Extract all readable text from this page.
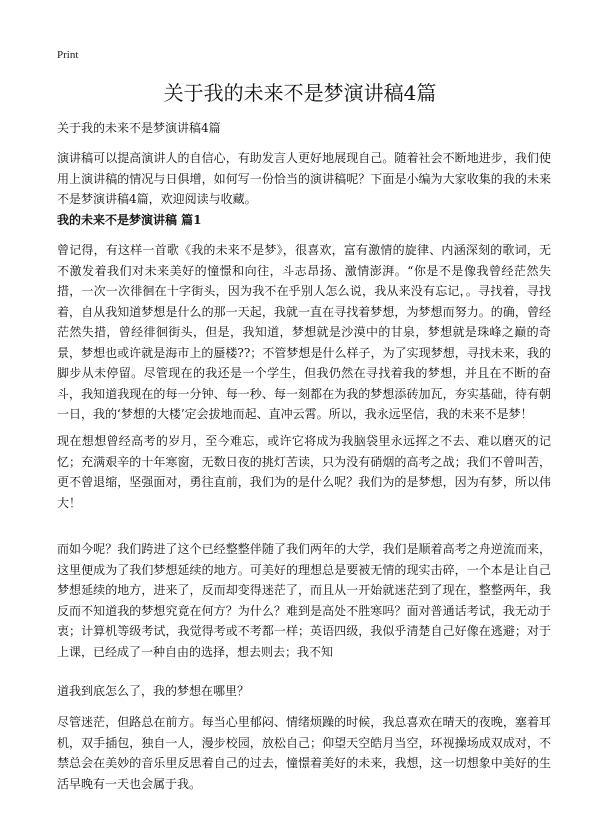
Print
关于我的未来不是梦演讲稿4篇
关于我的未来不是梦演讲稿4篇

演讲稿可以提高演讲人的自信心，有助发言人更好地展现自己。随着社会不断地进步，我们使用上演讲稿的情况与日俱增，如何写一份恰当的演讲稿呢？下面是小编为大家收集的我的未来不是梦演讲稿4篇，欢迎阅读与收藏。

我的未来不是梦演讲稿 篇1

曾记得，有这样一首歌《我的未来不是梦》，很喜欢，富有激情的旋律、内涵深刻的歌词，无不激发着我们对未来美好的憧憬和向往，斗志昂扬、激情澎湃。“你是不是像我曾经茫然失措，一次一次徘徊在十字街头，因为我不在乎别人怎么说，我从来没有忘记，。寻找着，寻找着，自从我知道梦想是什么的那一天起，我就一直在寻找着梦想，为梦想而努力。的确，曾经茫然失措，曾经徘徊街头，但是，我知道，梦想就是沙漠中的甘泉，梦想就是珠峰之巅的奇景，梦想也或许就是海市上的蜃楼??；不管梦想是什么样子，为了实现梦想，寻找未来，我的脚步从未停留。尽管现在的我还是一个学生，但我仍然在寻找着我的梦想，并且在不断的奋斗，我知道我现在的每一分钟、每一秒、每一刻都在为我的梦想添砖加瓦，夯实基础，待有朝一日，我的‘梦想的大楼’定会拔地而起、直冲云霄。所以，我永远坚信，我的未来不是梦！

现在想想曾经高考的岁月，至今难忘，或许它将成为我脑袋里永远挥之不去、难以磨灭的记忆；充满艰辛的十年寒窗，无数日夜的挑灯苦读，只为没有硝烟的高考之战；我们不曾叫苦，更不曾退缩，坚强面对，勇往直前，我们为的是什么呢？我们为的是梦想，因为有梦，所以伟大！

而如今呢？我们跨进了这个已经整整伴随了我们两年的大学，我们是顺着高考之舟逆流而来，这里便成为了我们梦想延续的地方。可美好的理想总是要被无情的现实击碎，一个本是让自己梦想延续的地方，进来了，反而却变得迷茫了，而且从一开始就迷茫到了现在，整整两年，我反而不知道我的梦想究竟在何方？为什么？难到是高处不胜寒吗？面对普通话考试，我无动于衷；计算机等级考试，我觉得考或不考都一样；英语四级，我似乎清楚自己好像在逃避；对于上课，已经成了一种自由的选择，想去则去；我不知

道我到底怎么了，我的梦想在哪里？

尽管迷茫，但路总在前方。每当心里郁闷、情绪烦躁的时候，我总喜欢在晴天的夜晚，塞着耳机，双手插包，独自一人，漫步校园，放松自己；仰望天空皓月当空，环视操场成双成对，不禁总会在美妙的音乐里反思着自己的过去，憧憬着美好的未来，我想，这一切想象中美好的生活早晚有一天也会属于我。
